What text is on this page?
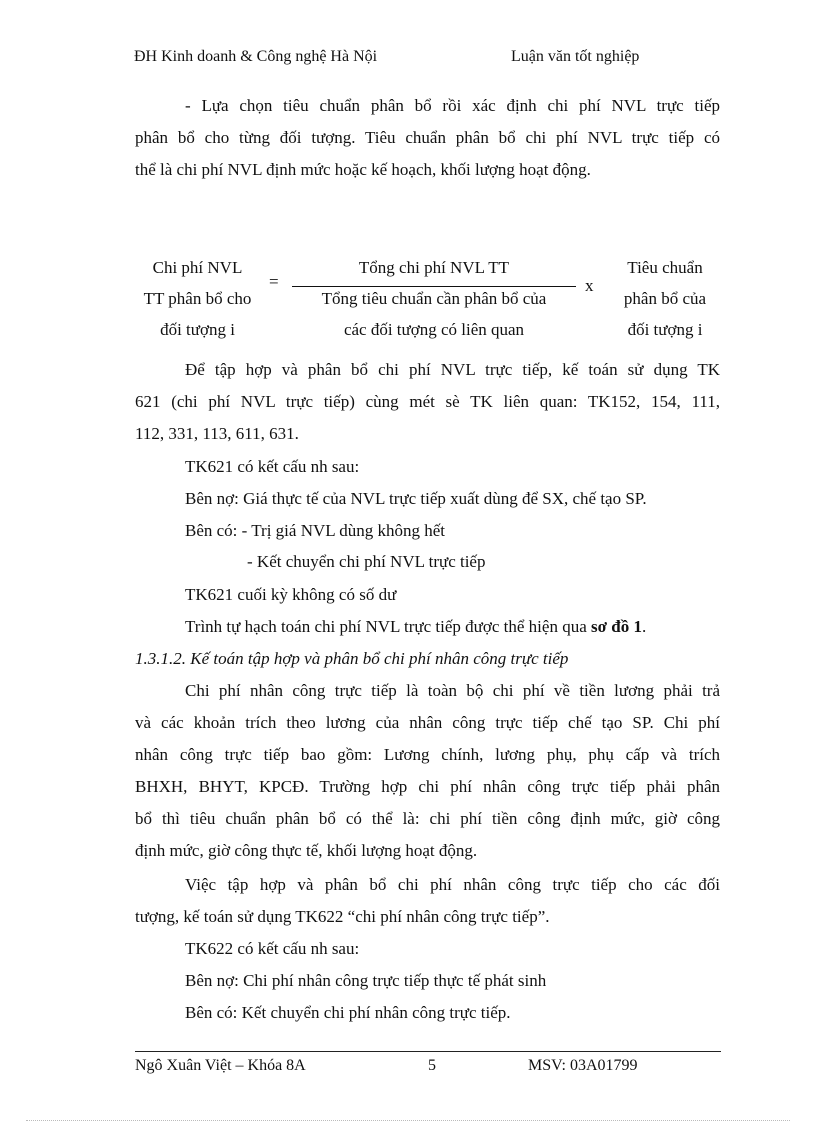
ĐH Kinh doanh & Công nghệ Hà Nội	Luận văn tốt nghiệp
- Lựa chọn tiêu chuẩn phân bổ rồi xác định chi phí NVL trực tiếp
phân bổ cho từng đối tượng. Tiêu chuẩn phân bổ chi phí NVL trực tiếp có
thể là chi phí NVL định mức hoặc kế hoạch, khối lượng hoạt động.
Chi phí NVL
TT phân bổ cho
đối tượng i
=
Tổng chi phí NVL TT
Tổng tiêu chuẩn cần phân bổ của
các đối tượng có liên quan
x
Tiêu chuẩn
phân bổ của
đối tượng i
Để tập hợp và phân bổ chi phí NVL trực tiếp, kế toán sử dụng TK
621 (chi phí NVL trực tiếp) cùng mét sè TK liên quan: TK152, 154, 111,
112, 331, 113, 611, 631.
TK621 có kết cấu nh sau:
Bên nợ: Giá thực tế của NVL trực tiếp xuất dùng để SX, chế tạo SP.
Bên có: - Trị giá NVL dùng không hết
- Kết chuyển chi phí NVL trực tiếp
TK621 cuối kỳ không có số dư
Trình tự hạch toán chi phí NVL trực tiếp được thể hiện qua sơ đồ 1.
1.3.1.2. Kế toán tập hợp và phân bổ chi phí nhân công trực tiếp
Chi phí nhân công trực tiếp là toàn bộ chi phí về tiền lương phải trả
và các khoản trích theo lương của nhân công trực tiếp chế tạo SP. Chi phí
nhân công trực tiếp bao gồm: Lương chính, lương phụ, phụ cấp và trích
BHXH, BHYT, KPCĐ. Trường hợp chi phí nhân công trực tiếp phải phân
bổ thì tiêu chuẩn phân bổ có thể là: chi phí tiền công định mức, giờ công
định mức, giờ công thực tế, khối lượng hoạt động.
Việc tập hợp và phân bổ chi phí nhân công trực tiếp cho các đối
tượng, kế toán sử dụng TK622 “chi phí nhân công trực tiếp”.
TK622 có kết cấu nh sau:
Bên nợ: Chi phí nhân công trực tiếp thực tế phát sinh
Bên có: Kết chuyển chi phí nhân công trực tiếp.
Ngô Xuân Việt – Khóa 8A	5	MSV: 03A01799
